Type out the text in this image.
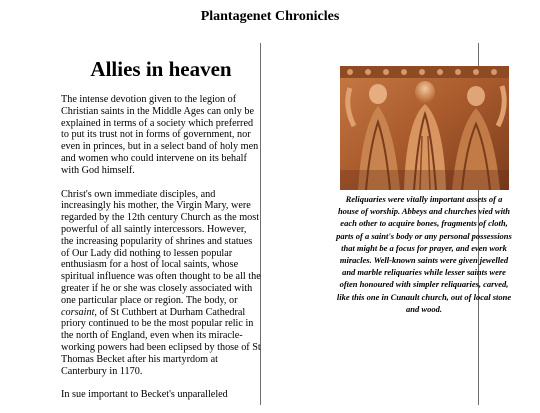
Plantagenet Chronicles
Allies in heaven

The intense devotion given to the legion of Christian saints in the Middle Ages can only be explained in terms of a society which preferred to put its trust not in forms of government, nor even in princes, but in a select band of holy men and women who could intervene on its behalf with God himself.

Christ's own immediate disciples, and increasingly his mother, the Virgin Mary, were regarded by the 12th century Church as the most powerful of all saintly intercessors. However, the increasing popularity of shrines and statues of Our Lady did nothing to lessen popular enthusiasm for a host of local saints, whose spiritual influence was often thought to be all the greater if he or she was closely associated with one particular place or region. The body, or corsaint, of St Cuthbert at Durham Cathedral priory continued to be the most popular relic in the north of England, even when its miracle-working powers had been eclipsed by those of St Thomas Becket after his martyrdom at Canterbury in 1170.

In sue important to Becket's unparalleled

Reliquaries were vitally important assets of a house of worship. Abbeys and churches vied with each other to acquire bones, fragments of cloth, parts of a saint's body or any personal possessions that might be a focus for prayer, and even work miracles. Well-known saints were given jewelled and marble reliquaries while lesser saints were often honoured with simpler reliquaries, carved, like this one in Cunault church, out of local stone and wood.
